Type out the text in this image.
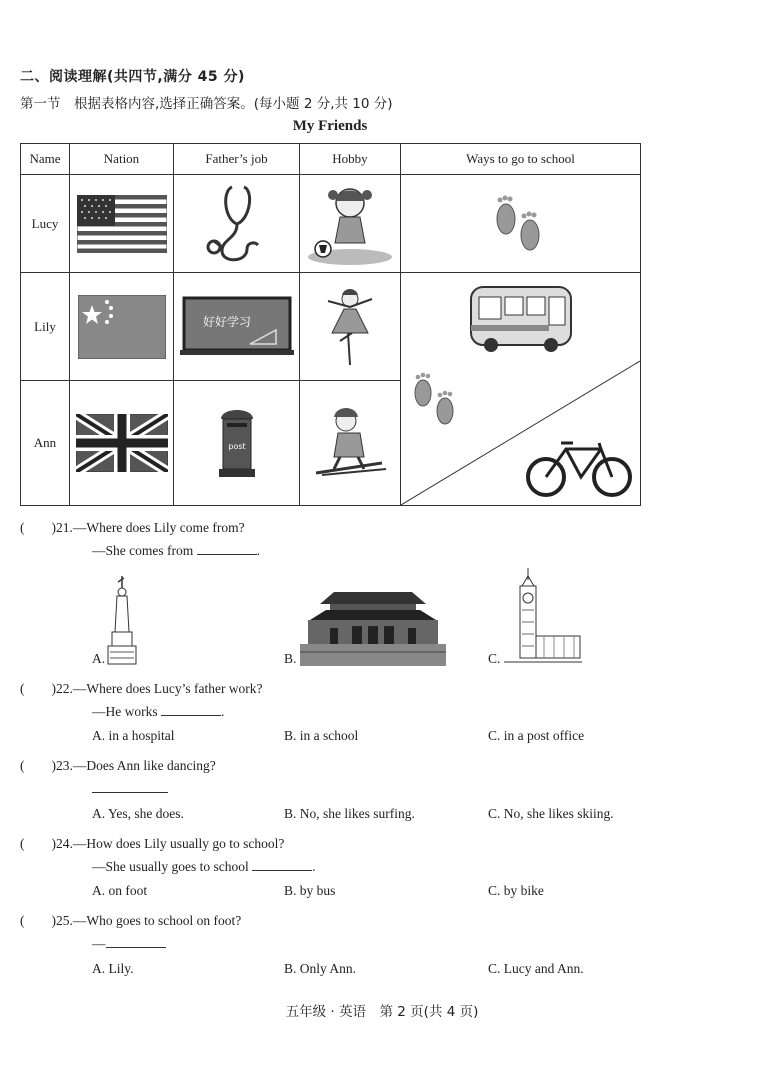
二、阅读理解(共四节,满分 45 分)
第一节　根据表格内容,选择正确答案。(每小题 2 分,共 10 分)
My Friends
Name	Nation	Father’s job	Hobby	Ways to go to school
Lucy	

Lily		好好学习

Ann		post

(　　)21.—Where does Lily come from?
—She comes from	.
A.	B.	C.
(　　)22.—Where does Lucy’s father work?
—He works	.
A. in a hospital	B. in a school	C. in a post office
(　　)23.—Does Ann like dancing?
A. Yes, she does.	B. No, she likes surfing.	C. No, she likes skiing.
(　　)24.—How does Lily usually go to school?
—She usually goes to school	.
A. on foot	B. by bus	C. by bike
(　　)25.—Who goes to school on foot?
—
A. Lily.	B. Only Ann.	C. Lucy and Ann.
五年级 · 英语　第 2 页(共 4 页)
